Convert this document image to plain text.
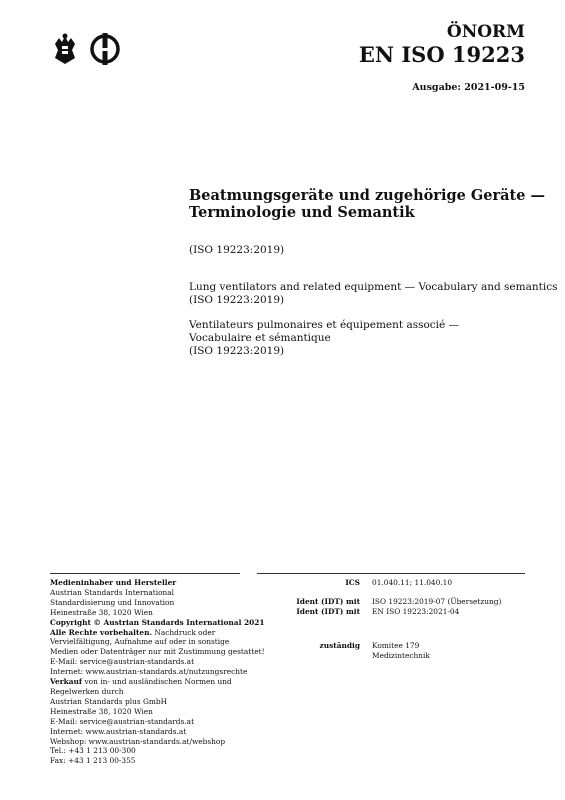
ÖNORM
EN ISO 19223
Ausgabe: 2021-09-15
Beatmungsgeräte und zugehörige Geräte —
Terminologie und Semantik
(ISO 19223:2019)
Lung ventilators and related equipment — Vocabulary and semantics
(ISO 19223:2019)
Ventilateurs pulmonaires et équipement associé —
Vocabulaire et sémantique
(ISO 19223:2019)
Medieninhaber und Hersteller
Austrian Standards International
Standardisierung und Innovation
Heinestraße 38, 1020 Wien
Copyright © Austrian Standards International 2021
Alle Rechte vorbehalten. Nachdruck oder
Vervielfältigung, Aufnahme auf oder in sonstige
Medien oder Datenträger nur mit Zustimmung gestattet!
E-Mail: service@austrian-standards.at
Internet: www.austrian-standards.at/nutzungsrechte
Verkauf von in- und ausländischen Normen und
Regelwerken durch
Austrian Standards plus GmbH
Heinestraße 38, 1020 Wien
E-Mail: service@austrian-standards.at
Internet: www.austrian-standards.at
Webshop: www.austrian-standards.at/webshop
Tel.: +43 1 213 00-300
Fax: +43 1 213 00-355
ICS 01.040.11; 11.040.10
Ident (IDT) mit ISO 19223:2019-07 (Übersetzung)
Ident (IDT) mit EN ISO 19223:2021-04
zuständig Komitee 179
Medizintechnik
